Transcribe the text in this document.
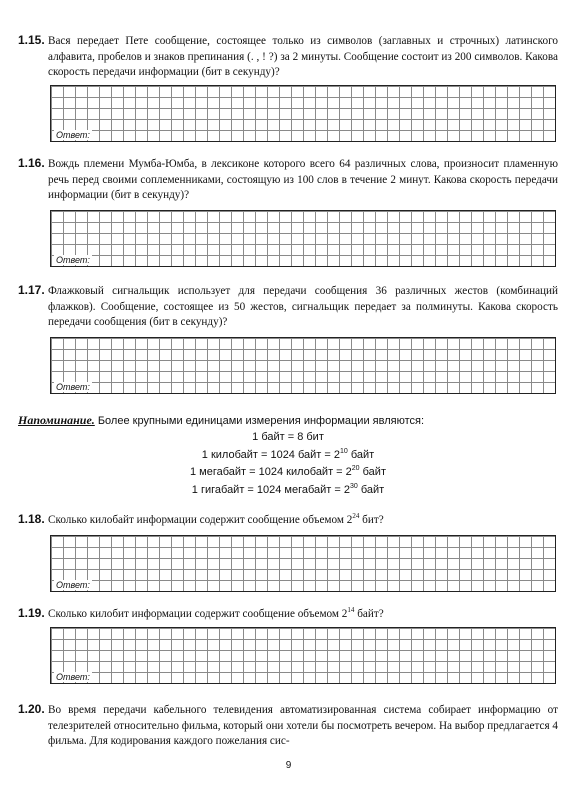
1.15. Вася передает Пете сообщение, состоящее только из символов (заглавных и строчных) латинского алфавита, пробелов и знаков препинания (. , ! ?) за 2 минуты. Сообщение состоит из 200 символов. Какова скорость передачи информации (бит в секунду)?

Ответ:

1.16. Вождь племени Мумба-Юмба, в лексиконе которого всего 64 различных слова, произносит пламенную речь перед своими соплеменниками, состоящую из 100 слов в течение 2 минут. Какова скорость передачи информации (бит в секунду)?

Ответ:

1.17. Флажковый сигнальщик использует для передачи сообщения 36 различных жестов (комбинаций флажков). Сообщение, состоящее из 50 жестов, сигнальщик передает за полминуты. Какова скорость передачи сообщения (бит в секунду)?

Ответ:

Напоминание. Более крупными единицами измерения информации являются:

1 байт = 8 бит
1 килобайт = 1024 байт = $2^{10}$ байт
1 мегабайт = 1024 килобайт = $2^{20}$ байт
1 гигабайт = 1024 мегабайт = $2^{30}$ байт

1.18. Сколько килобайт информации содержит сообщение объемом $2^{24}$ бит?

Ответ:

1.19. Сколько килобит информации содержит сообщение объемом $2^{14}$ байт?

Ответ:

1.20. Во время передачи кабельного телевидения автоматизированная система собирает информацию от телезрителей относительно фильма, который они хотели бы посмотреть вечером. На выбор предлагается 4 фильма. Для кодирования каждого пожелания сис-

9
